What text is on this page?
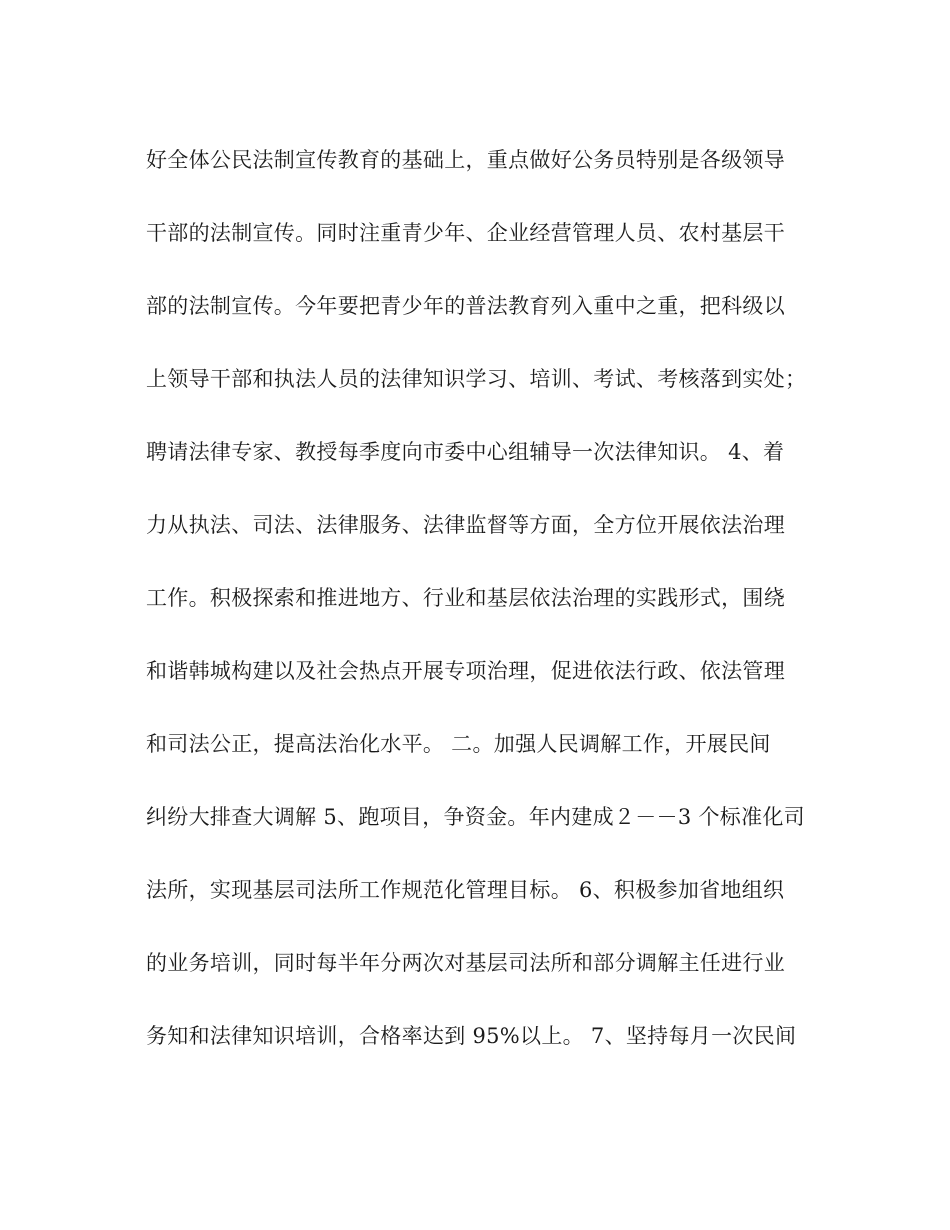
好全体公民法制宣传教育的基础上，重点做好公务员特别是各级领导
干部的法制宣传。同时注重青少年、企业经营管理人员、农村基层干
部的法制宣传。今年要把青少年的普法教育列入重中之重，把科级以
上领导干部和执法人员的法律知识学习、培训、考试、考核落到实处；
聘请法律专家、教授每季度向市委中心组辅导一次法律知识。 4、着
力从执法、司法、法律服务、法律监督等方面，全方位开展依法治理
工作。积极探索和推进地方、行业和基层依法治理的实践形式，围绕
和谐韩城构建以及社会热点开展专项治理，促进依法行政、依法管理
和司法公正，提高法治化水平。 二。加强人民调解工作，开展民间
纠纷大排查大调解 5、跑项目，争资金。年内建成２－－3 个标准化司
法所，实现基层司法所工作规范化管理目标。 6、积极参加省地组织
的业务培训，同时每半年分两次对基层司法所和部分调解主任进行业
务知和法律知识培训，合格率达到 95%以上。 7、坚持每月一次民间
